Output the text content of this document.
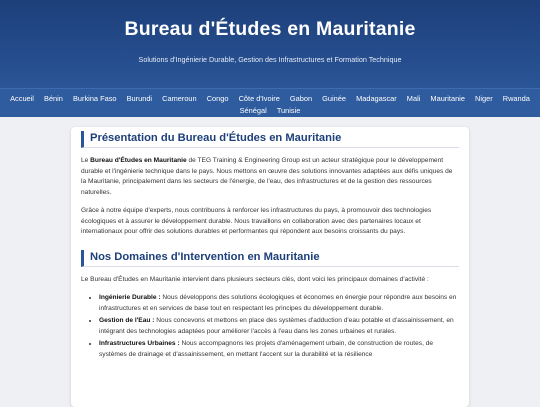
Bureau d'Études en Mauritanie
Solutions d'Ingénierie Durable, Gestion des Infrastructures et Formation Technique
Accueil Bénin Burkina Faso Burundi Cameroun Congo Côte d'Ivoire Gabon Guinée Madagascar Mali Mauritanie Niger Rwanda Sénégal Tunisie
Présentation du Bureau d'Études en Mauritanie

Le Bureau d'Études en Mauritanie de TEG Training & Engineering Group est un acteur stratégique pour le développement durable et l'ingénierie technique dans le pays. Nous mettons en œuvre des solutions innovantes adaptées aux défis uniques de la Mauritanie, principalement dans les secteurs de l'énergie, de l'eau, des infrastructures et de la gestion des ressources naturelles.

Grâce à notre équipe d'experts, nous contribuons à renforcer les infrastructures du pays, à promouvoir des technologies écologiques et à assurer le développement durable. Nous travaillons en collaboration avec des partenaires locaux et internationaux pour offrir des solutions durables et performantes qui répondent aux besoins croissants du pays.

Nos Domaines d'Intervention en Mauritanie

Le Bureau d'Études en Mauritanie intervient dans plusieurs secteurs clés, dont voici les principaux domaines d'activité :

• Ingénierie Durable : Nous développons des solutions écologiques et économes en énergie pour répondre aux besoins en infrastructures et en services de base tout en respectant les principes du développement durable.
• Gestion de l'Eau : Nous concevons et mettons en place des systèmes d'adduction d'eau potable et d'assainissement, en intégrant des technologies adaptées pour améliorer l'accès à l'eau dans les zones urbaines et rurales.
• Infrastructures Urbaines : Nous accompagnons les projets d'aménagement urbain, de construction de routes, de systèmes de drainage et d'assainissement, en mettant l'accent sur la durabilité et la résilience
